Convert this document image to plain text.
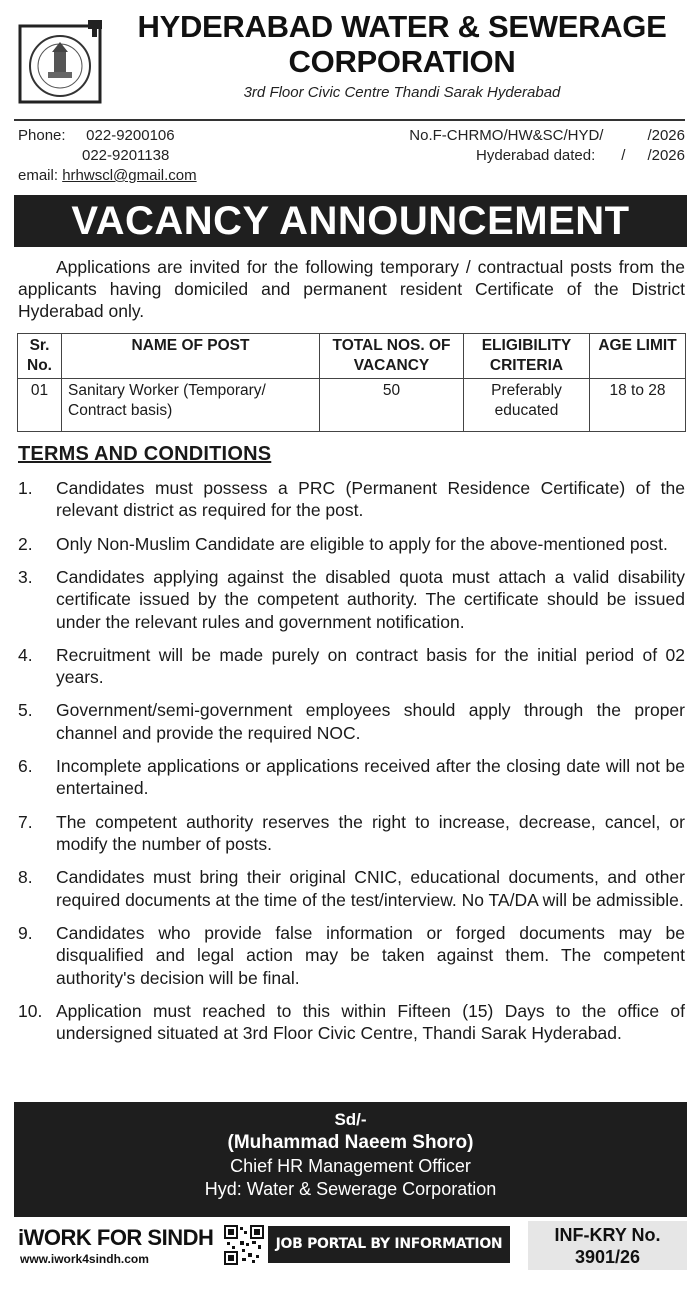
HYDERABAD WATER & SEWERAGE
CORPORATION
3rd Floor Civic Centre Thandi Sarak Hyderabad
Phone: 022-9200106
022-9201138
email: hrhwscl@gmail.com
No.F-CHRMO/HW&SC/HYD/	/2026
Hyderabad dated: / /2026
VACANCY ANNOUNCEMENT
Applications are invited for the following temporary / contractual posts from the applicants having domiciled and permanent resident Certificate of the District Hyderabad only.
Sr. No.	NAME OF POST	TOTAL NOS. OF VACANCY	ELIGIBILITY CRITERIA	AGE LIMIT
01	Sanitary Worker (Temporary/ Contract basis)	50	Preferably educated	18 to 28
TERMS AND CONDITIONS
1.	Candidates must possess a PRC (Permanent Residence Certificate) of the relevant district as required for the post.
2.	Only Non-Muslim Candidate are eligible to apply for the above-mentioned post.
3.	Candidates applying against the disabled quota must attach a valid disability certificate issued by the competent authority. The certificate should be issued under the relevant rules and government notification.
4.	Recruitment will be made purely on contract basis for the initial period of 02 years.
5.	Government/semi-government employees should apply through the proper channel and provide the required NOC.
6.	Incomplete applications or applications received after the closing date will not be entertained.
7.	The competent authority reserves the right to increase, decrease, cancel, or modify the number of posts.
8.	Candidates must bring their original CNIC, educational documents, and other required documents at the time of the test/interview. No TA/DA will be admissible.
9.	Candidates who provide false information or forged documents may be disqualified and legal action may be taken against them. The competent authority's decision will be final.
10. Application must reached to this within Fifteen (15) Days to the office of undersigned situated at 3rd Floor Civic Centre, Thandi Sarak Hyderabad.
Sd/-
(Muhammad Naeem Shoro)
Chief HR Management Officer
Hyd: Water & Sewerage Corporation
iWORK FOR SINDH
www.iwork4sindh.com
JOB PORTAL BY INFORMATION DEPARTMENT
INF-KRY No.
3901/26
